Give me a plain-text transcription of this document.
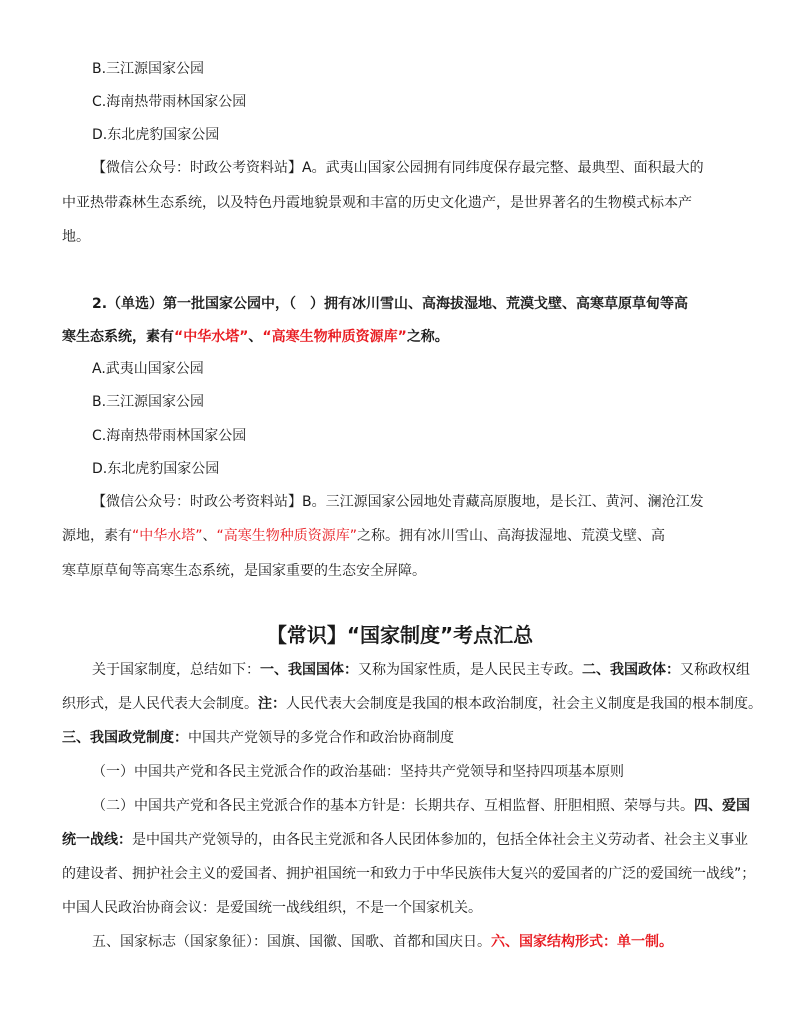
B.三江源国家公园
C.海南热带雨林国家公园
D.东北虎豹国家公园
【微信公众号：时政公考资料站】A。武夷山国家公园拥有同纬度保存最完整、最典型、面积最大的
中亚热带森林生态系统，以及特色丹霞地貌景观和丰富的历史文化遗产，是世界著名的生物模式标本产
地。
2.（单选）第一批国家公园中，（　）拥有冰川雪山、高海拔湿地、荒漠戈壁、高寒草原草甸等高
寒生态系统，素有“中华水塔”、“高寒生物种质资源库”之称。
A.武夷山国家公园
B.三江源国家公园
C.海南热带雨林国家公园
D.东北虎豹国家公园
【微信公众号：时政公考资料站】B。三江源国家公园地处青藏高原腹地，是长江、黄河、澜沧江发
源地，素有“中华水塔”、“高寒生物种质资源库”之称。拥有冰川雪山、高海拔湿地、荒漠戈壁、高
寒草原草甸等高寒生态系统，是国家重要的生态安全屏障。
【常识】“国家制度”考点汇总
关于国家制度，总结如下：一、我国国体：又称为国家性质，是人民民主专政。二、我国政体：又称政权组
织形式，是人民代表大会制度。注：人民代表大会制度是我国的根本政治制度，社会主义制度是我国的根本制度。
三、我国政党制度：中国共产党领导的多党合作和政治协商制度
（一）中国共产党和各民主党派合作的政治基础：坚持共产党领导和坚持四项基本原则
（二）中国共产党和各民主党派合作的基本方针是：长期共存、互相监督、肝胆相照、荣辱与共。四、爱国
统一战线：是中国共产党领导的，由各民主党派和各人民团体参加的，包括全体社会主义劳动者、社会主义事业
的建设者、拥护社会主义的爱国者、拥护祖国统一和致力于中华民族伟大复兴的爱国者的广泛的爱国统一战线”；
中国人民政治协商会议：是爱国统一战线组织，不是一个国家机关。
五、国家标志（国家象征）：国旗、国徽、国歌、首都和国庆日。六、国家结构形式：单一制。
